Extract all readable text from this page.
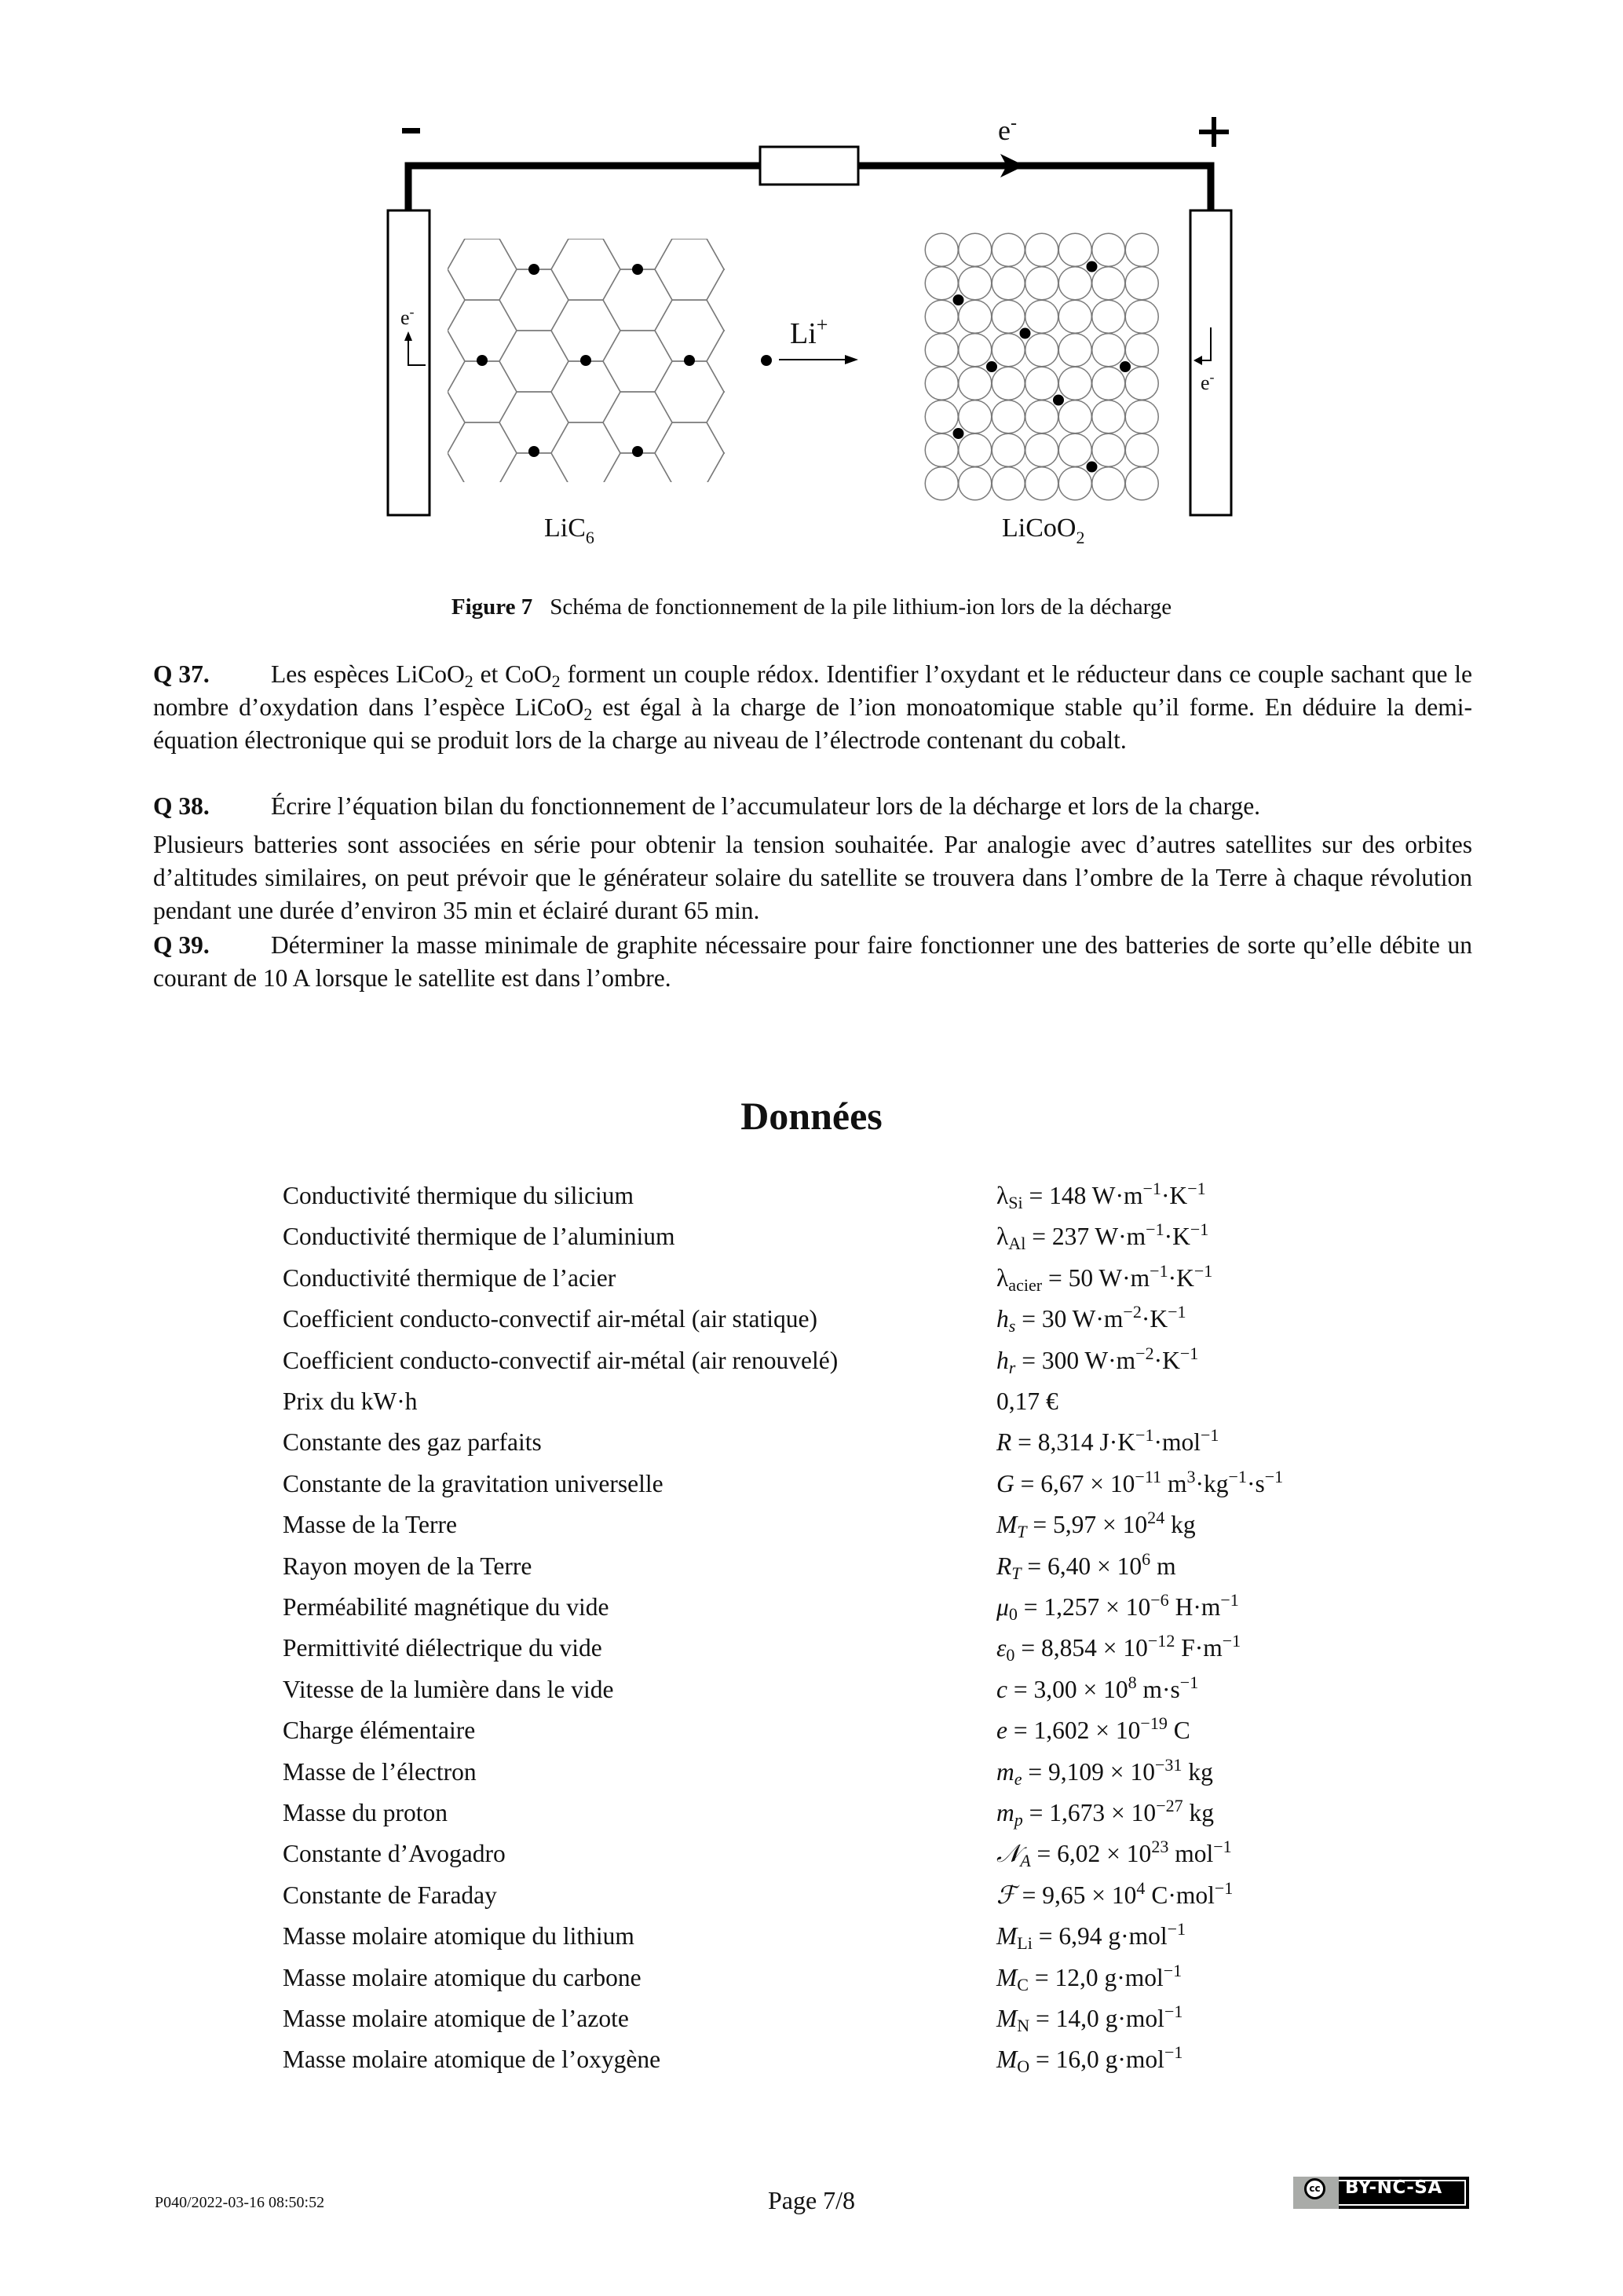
e-
e-
e-
Li+
LiC$_6$	LiCoO$_2$
Figure 7 Schéma de fonctionnement de la pile lithium-ion lors de la décharge
Q 37. Les espèces LiCoO$_2$ et CoO$_2$ forment un couple rédox. Identifier l’oxydant et le réducteur dans ce couple sachant que le nombre d’oxydation dans l’espèce LiCoO$_2$ est égal à la charge de l’ion monoatomique stable qu’il forme. En déduire la demi-équation électronique qui se produit lors de la charge au niveau de l’électrode contenant du cobalt.
Q 38. Écrire l’équation bilan du fonctionnement de l’accumulateur lors de la décharge et lors de la charge.
Plusieurs batteries sont associées en série pour obtenir la tension souhaitée. Par analogie avec d’autres satellites sur des orbites d’altitudes similaires, on peut prévoir que le générateur solaire du satellite se trouvera dans l’ombre de la Terre à chaque révolution pendant une durée d’environ 35 min et éclairé durant 65 min.
Q 39. Déterminer la masse minimale de graphite nécessaire pour faire fonctionner une des batteries de sorte qu’elle débite un courant de 10 A lorsque le satellite est dans l’ombre.
Données
Conductivité thermique du silicium	$\lambda_{Si} = 148$ $W\cdot m^{-1}\cdot K^{-1}$
Conductivité thermique de l’aluminium	$\lambda_{Al} = 237$ $W\cdot m^{-1}\cdot K^{-1}$
Conductivité thermique de l’acier	$\lambda_{acier} = 50$ $W\cdot m^{-1}\cdot K^{-1}$
Coefficient conducto-convectif air-métal (air statique)	$h_s = 30$ $W\cdot m^{-2}\cdot K^{-1}$
Coefficient conducto-convectif air-métal (air renouvelé)	$h_r = 300$ $W\cdot m^{-2}\cdot K^{-1}$
Prix du kW·h	0,17 €
Constante des gaz parfaits	R = 8,314 $J\cdot K^{-1}\cdot mol^{-1}$
Constante de la gravitation universelle	$G = 6,67 \times 10^{-11}$ $m^3\cdot kg^{-1}\cdot s^{-1}$
Masse de la Terre	$M_T = 5,97 \times 10^{24}$ kg
Rayon moyen de la Terre	$R_T = 6,40 \times 10^6$ m
Perméabilité magnétique du vide	$\mu_0 = 1,257 \times 10^{-6}$ $H\cdot m^{-1}$
Permittivité diélectrique du vide	$\varepsilon_0 = 8,854 \times 10^{-12}$ $F\cdot m^{-1}$
Vitesse de la lumière dans le vide	$c = 3,00 \times 10^8$ $m\cdot s^{-1}$
Charge élémentaire	$e = 1,602 \times 10^{-19}$ C
Masse de l’électron	$m_e = 9,109 \times 10^{-31}$ kg
Masse du proton	$m_p = 1,673 \times 10^{-27}$ kg
Constante d’Avogadro	𝒩$_A$ = $6,02 \times 10^{23}$ mol$^{-1}$
Constante de Faraday	ℱ = $9,65 \times 10^4$ C·mol$^{-1}$
Masse molaire atomique du lithium	$M_{Li} = 6,94$ g·mol$^{-1}$
Masse molaire atomique du carbone	$M_C = 12,0$ g·mol$^{-1}$
Masse molaire atomique de l’azote	$M_N = 14,0$ g·mol$^{-1}$
Masse molaire atomique de l’oxygène	$M_O = 16,0$ g·mol$^{-1}$
P040/2022-03-16 08:50:52	Page 7/8	cc BY-NC-SA
